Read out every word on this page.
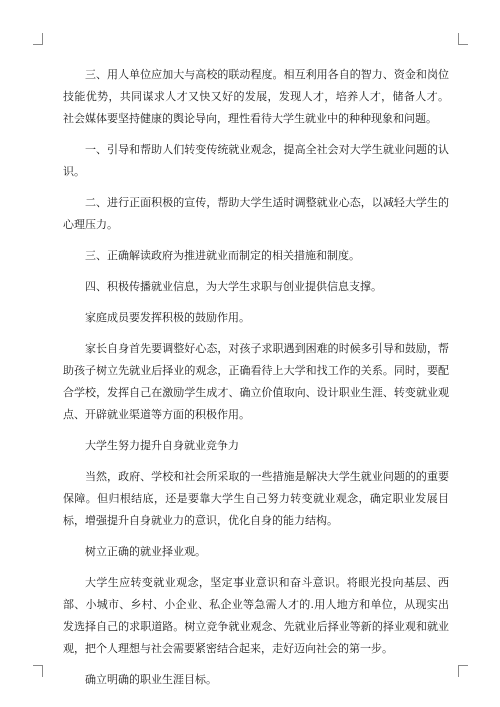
三、用人单位应加大与高校的联动程度。相互利用各自的智力、资金和岗位技能优势，共同谋求人才又快又好的发展，发现人才，培养人才，储备人才。 社会媒体要坚持健康的舆论导向，理性看待大学生就业中的种种现象和问题。

一、引导和帮助人们转变传统就业观念，提高全社会对大学生就业问题的认识。

二、进行正面积极的宣传，帮助大学生适时调整就业心态，以减轻大学生的心理压力。

三、正确解读政府为推进就业而制定的相关措施和制度。

四、积极传播就业信息，为大学生求职与创业提供信息支撑。

家庭成员要发挥积极的鼓励作用。

家长自身首先要调整好心态，对孩子求职遇到困难的时候多引导和鼓励，帮助孩子树立先就业后择业的观念，正确看待上大学和找工作的关系。同时，要配合学校，发挥自己在激励学生成才、确立价值取向、设计职业生涯、转变就业观点、开辟就业渠道等方面的积极作用。

大学生努力提升自身就业竞争力

当然，政府、学校和社会所采取的一些措施是解决大学生就业问题的的重要保障。但归根结底，还是要靠大学生自己努力转变就业观念，确定职业发展目标，增强提升自身就业力的意识，优化自身的能力结构。

树立正确的就业择业观。

大学生应转变就业观念，坚定事业意识和奋斗意识。将眼光投向基层、西部、小城市、乡村、小企业、私企业等急需人才的.用人地方和单位，从现实出发选择自己的求职道路。树立竞争就业观念、先就业后择业等新的择业观和就业观，把个人理想与社会需要紧密结合起来，走好迈向社会的第一步。

确立明确的职业生涯目标。
